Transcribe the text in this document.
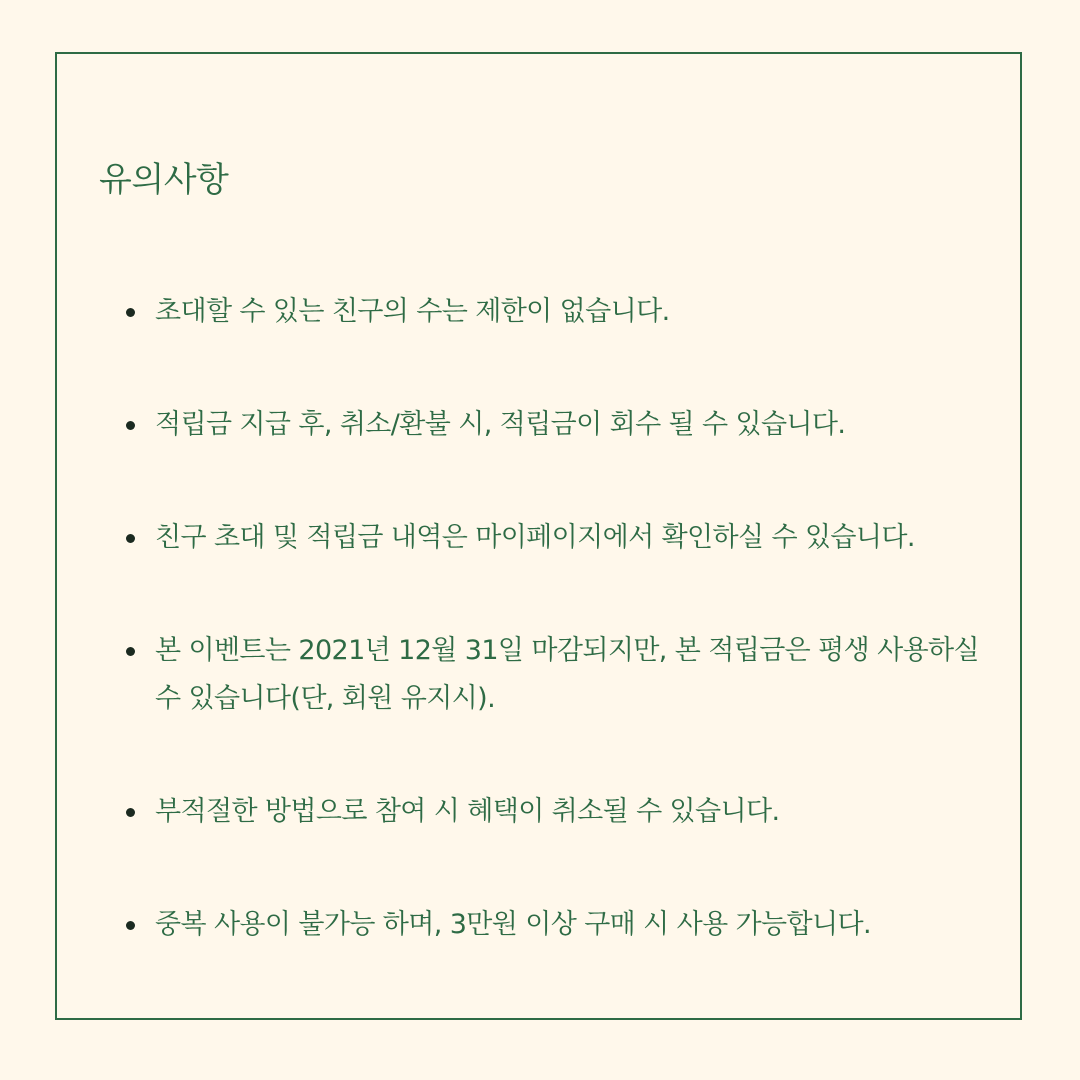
유의사항
초대할 수 있는 친구의 수는 제한이 없습니다.
적립금 지급 후, 취소/환불 시, 적립금이 회수 될 수 있습니다.
친구 초대 및 적립금 내역은 마이페이지에서 확인하실 수 있습니다.
본 이벤트는 2021년 12월 31일 마감되지만, 본 적립금은 평생 사용하실 수 있습니다(단, 회원 유지시).
부적절한 방법으로 참여 시 혜택이 취소될 수 있습니다.
중복 사용이 불가능 하며, 3만원 이상 구매 시 사용 가능합니다.
